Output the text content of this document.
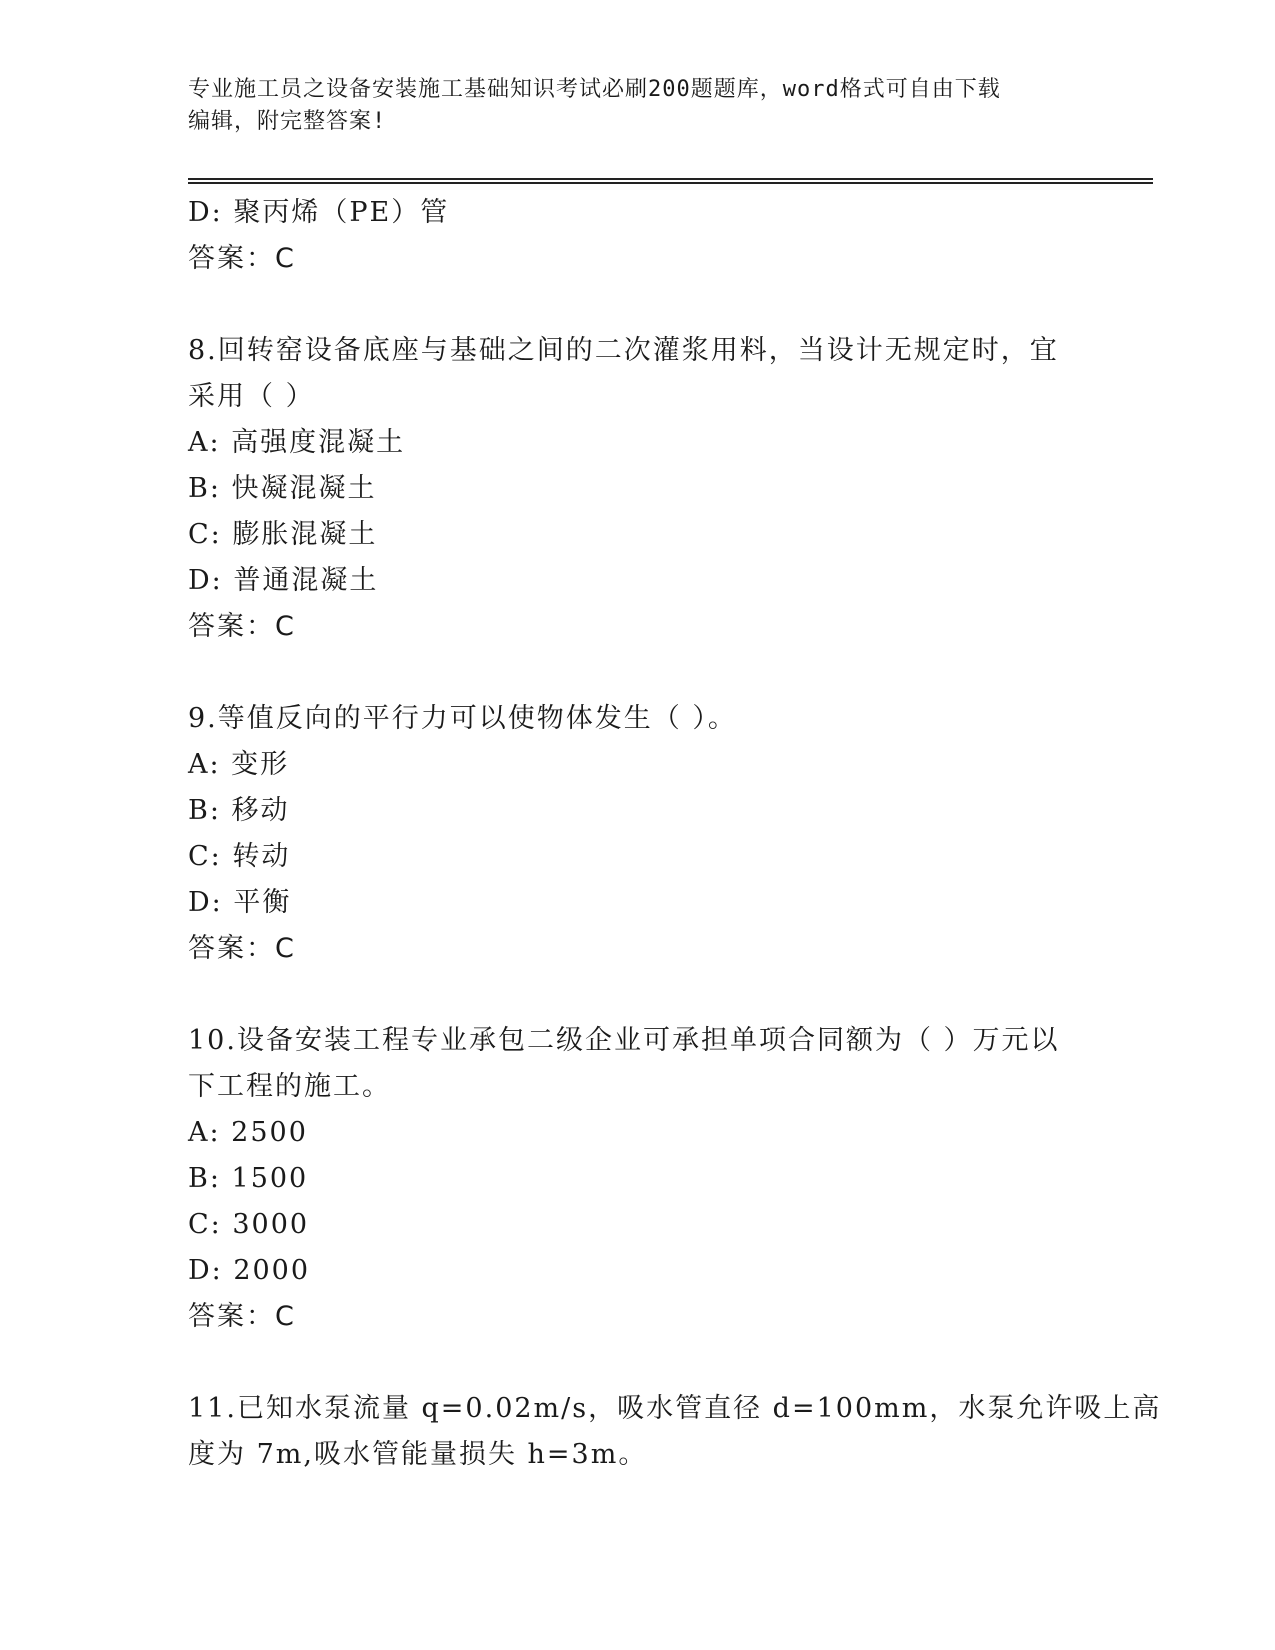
专业施工员之设备安装施工基础知识考试必刷200题题库，word格式可自由下载
编辑，附完整答案!
D: 聚丙烯（PE）管
答案：C
8.回转窑设备底座与基础之间的二次灌浆用料，当设计无规定时，宜
采用（ ）
A: 高强度混凝土
B: 快凝混凝土
C: 膨胀混凝土
D: 普通混凝土
答案：C
9.等值反向的平行力可以使物体发生（ ）。
A: 变形
B: 移动
C: 转动
D: 平衡
答案：C
10.设备安装工程专业承包二级企业可承担单项合同额为（ ）万元以
下工程的施工。
A: 2500
B: 1500
C: 3000
D: 2000
答案：C
11.已知水泵流量 q=0.02m/s，吸水管直径 d=100mm，水泵允许吸上高
度为 7m,吸水管能量损失 h=3m。
